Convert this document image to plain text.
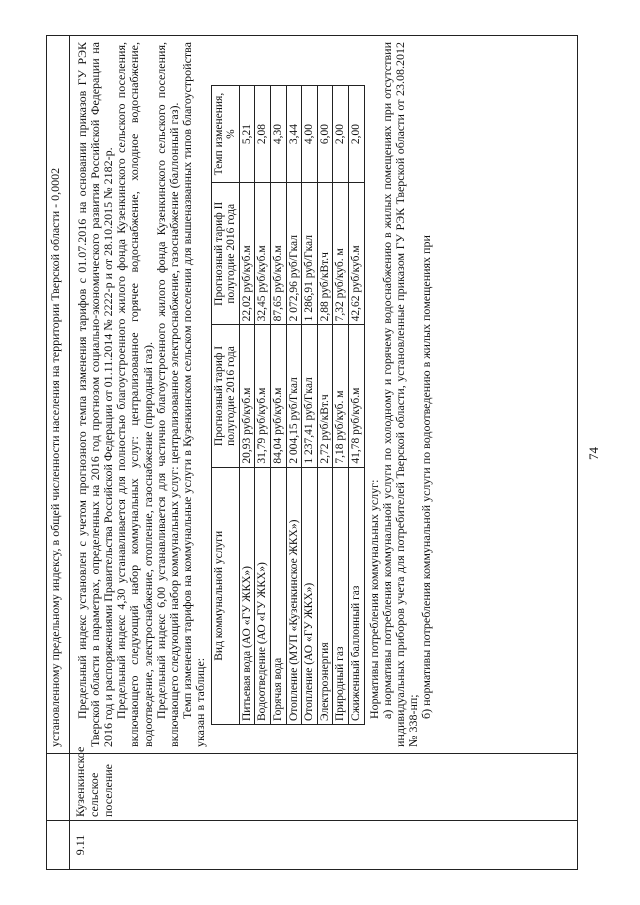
74

установленному предельному индексу, в общей численности населения на территории Тверской области - 0,0002

9.11	Кузенкинское сельское поселение	

Предельный индекс установлен с учетом прогнозного темпа изменения тарифов с 01.07.2016 на основании приказов ГУ РЭК Тверской области в параметрах, определенных на 2016 год прогнозом социально-экономического развития Российской Федерации на 2016 год и распоряжениями Правительства Российской Федерации от 01.11.2014 № 2222-р и от 28.10.2015 № 2182-р. Предельный индекс 4,30 устанавливается для полностью благоустроенного жилого фонда Кузенкинского сельского поселения, включающего следующий набор коммунальных услуг: централизованное горячее водоснабжение, холодное водоснабжение, водоотведение, электроснабжение, отопление, газоснабжение (природный газ). Предельный индекс 6,00 устанавливается для частично благоустроенного жилого фонда Кузенкинского сельского поселения, включающего следующий набор коммунальных услуг: централизованное электроснабжение, газоснабжение (баллонный газ). Темп изменения тарифов на коммунальные услуги в Кузенкинском сельском поселении для вышеназванных типов благоустройства указан в таблице:

Вид коммунальной услуги	Прогнозный тариф I полугодие 2016 года	Прогнозный тариф II полугодие 2016 года	Темп изменения, %
Питьевая вода (АО «ГУ ЖКХ»)	20,93 руб/куб.м	22,02 руб/куб.м	5,21
Водоотведение (АО «ГУ ЖКХ»)	31,79 руб/куб.м	32,45 руб/куб.м	2,08
Горячая вода	84,04 руб/куб.м	87,65 руб/куб.м	4,30
Отопление (МУП «Кузенкинское ЖКХ»)	2 004,15 руб/Гкал	2 072,96 руб/Гкал	3,44
Отопление (АО «ГУ ЖКХ»)	1 237,41 руб/Гкал	1 286,91 руб/Гкал	4,00
Электроэнергия	2,72 руб/кВт.ч	2,88 руб/кВт.ч	6,00
Природный газ	7,18 руб/куб. м	7,32 руб/куб. м	2,00
Сжиженный баллонный газ	41,78 руб/куб.м	42,62 руб/куб.м	2,00

Нормативы потребления коммунальных услуг: а) нормативы потребления коммунальной услуги по холодному и горячему водоснабжению в жилых помещениях при отсутствии индивидуальных приборов учета для потребителей Тверской области, установленные приказом ГУ РЭК Тверской области от 23.08.2012 № 338-нп;

б) нормативы потребления коммунальной услуги по водоотведению в жилых помещениях при
